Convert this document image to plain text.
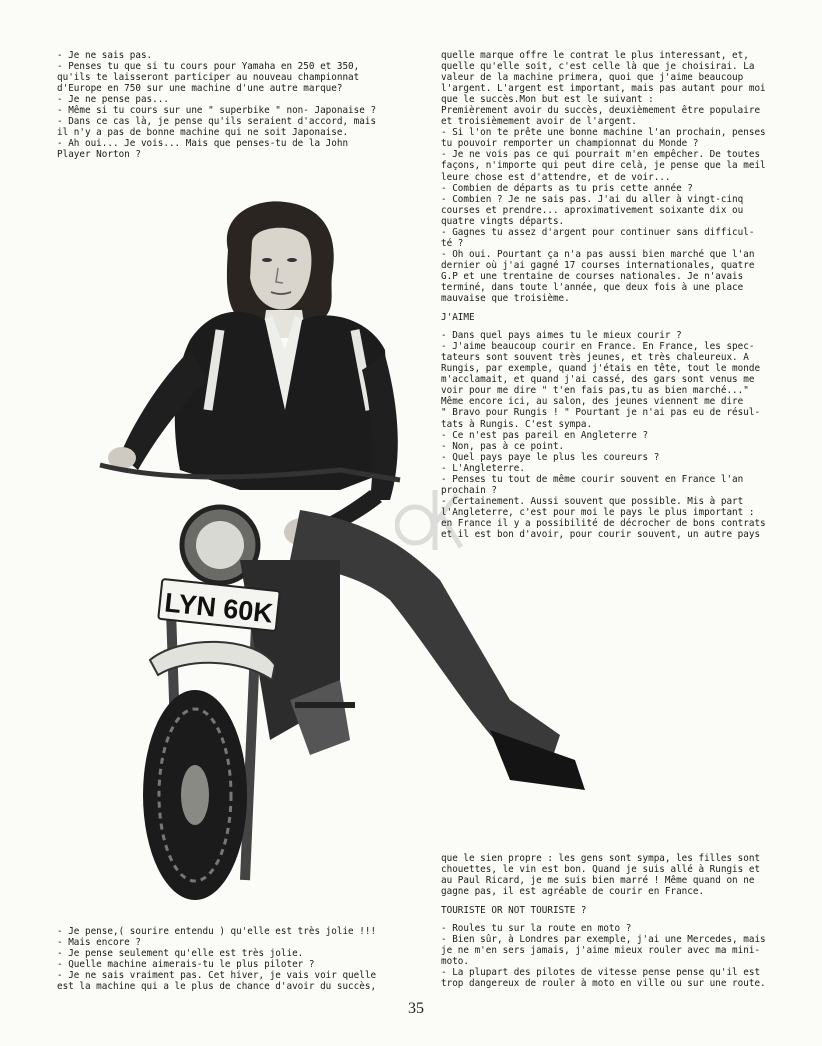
- Je ne sais pas.

- Penses tu que si tu cours pour Yamaha en 250 et 350,

qu'ils te laisseront participer au nouveau championnat

d'Europe en 750 sur une machine d'une autre marque?

- Je ne pense pas...

- Même si tu cours sur une " superbike " non- Japonaise ?

- Dans ce cas là, je pense qu'ils seraient d'accord, mais

il n'y a pas de bonne machine qui ne soit Japonaise.

- Ah oui... Je vois... Mais que penses-tu de la John

Player Norton ?

quelle marque offre le contrat le plus interessant, et,

quelle qu'elle soit, c'est celle là que je choisirai. La

valeur de la machine primera, quoi que j'aime beaucoup

l'argent. L'argent est important, mais pas autant pour moi

que le succès.Mon but est le suivant :

Premièrement avoir du succès, deuxièmement être populaire

et troisièmement avoir de l'argent.

- Si l'on te prête une bonne machine l'an prochain, penses

tu pouvoir remporter un championnat du Monde ?

- Je ne vois pas ce qui pourrait m'en empêcher. De toutes

façons, n'importe qui peut dire celà, je pense que la meil

leure chose est d'attendre, et de voir...

- Combien de départs as tu pris cette année ?

- Combien ? Je ne sais pas. J'ai du aller à vingt-cinq

courses et prendre... aproximativement soixante dix ou

quatre vingts départs.

- Gagnes tu assez d'argent pour continuer sans difficul-

té ?

- Oh oui. Pourtant ça n'a pas aussi bien marché que l'an

dernier où j'ai gagné 17 courses internationales, quatre

G.P et une trentaine de courses nationales. Je n'avais

terminé, dans toute l'année, que deux fois à une place

mauvaise que troisième.

J'AIME

- Dans quel pays aimes tu le mieux courir ?

- J'aime beaucoup courir en France. En France, les spec-

tateurs sont souvent très jeunes, et très chaleureux. A

Rungis, par exemple, quand j'étais en tête, tout le monde

m'acclamait, et quand j'ai cassé, des gars sont venus me

voir pour me dire " t'en fais pas,tu as bien marché..."

Même encore ici, au salon, des jeunes viennent me dire

" Bravo pour Rungis ! " Pourtant je n'ai pas eu de résul-

tats à Rungis. C'est sympa.

- Ce n'est pas pareil en Angleterre ?

- Non, pas à ce point.

- Quel pays paye le plus les coureurs ?

- L'Angleterre.

- Penses tu tout de même courir souvent en France l'an

prochain ?

- Certainement. Aussi souvent que possible. Mis à part

l'Angleterre, c'est pour moi le pays le plus important :

en France il y a possibilité de décrocher de bons contrats

et il est bon d'avoir, pour courir souvent, un autre pays

LYN 60K

que le sien propre : les gens sont sympa, les filles sont

chouettes, le vin est bon. Quand je suis allé à Rungis et

au Paul Ricard, je me suis bien marré ! Même quand on ne

gagne pas, il est agréable de courir en France.

TOURISTE OR NOT TOURISTE ?

- Roules tu sur la route en moto ?

- Bien sûr, à Londres par exemple, j'ai une Mercedes, mais

je ne m'en sers jamais, j'aime mieux rouler avec ma mini-

moto.

- La plupart des pilotes de vitesse pense pense qu'il est

trop dangereux de rouler à moto en ville ou sur une route.

- Je pense,( sourire entendu ) qu'elle est très jolie !!!

- Mais encore ?

- Je pense seulement qu'elle est très jolie.

- Quelle machine aimerais-tu le plus piloter ?

- Je ne sais vraiment pas. Cet hiver, je vais voir quelle

est la machine qui a le plus de chance d'avoir du succès,

35
